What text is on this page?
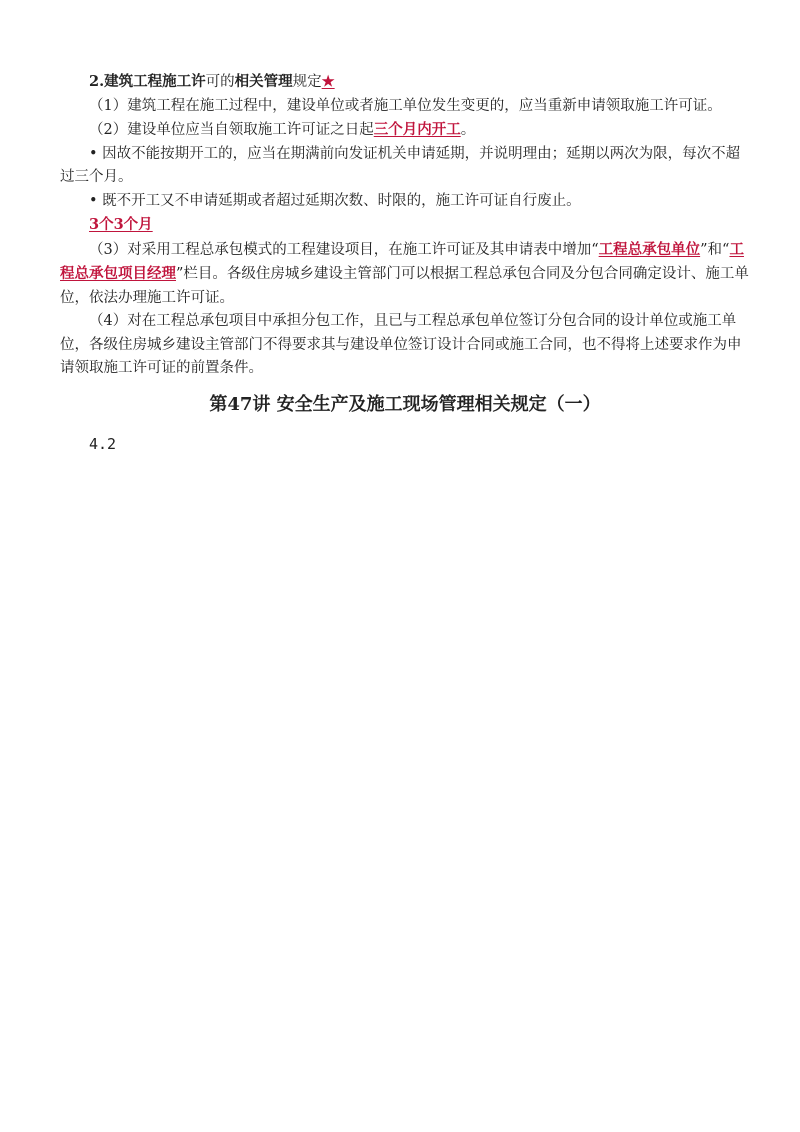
2.建筑工程施工许可的相关管理规定★
（1）建筑工程在施工过程中，建设单位或者施工单位发生变更的，应当重新申请领取施工许可证。
（2）建设单位应当自领取施工许可证之日起三个月内开工。
• 因故不能按期开工的，应当在期满前向发证机关申请延期，并说明理由；延期以两次为限，每次不超过三个月。
• 既不开工又不申请延期或者超过延期次数、时限的，施工许可证自行废止。
3个3个月
（3）对采用工程总承包模式的工程建设项目，在施工许可证及其申请表中增加“工程总承包单位”和“工程总承包项目经理”栏目。各级住房城乡建设主管部门可以根据工程总承包合同及分包合同确定设计、施工单位，依法办理施工许可证。
（4）对在工程总承包项目中承担分包工作，且已与工程总承包单位签订分包合同的设计单位或施工单位，各级住房城乡建设主管部门不得要求其与建设单位签订设计合同或施工合同，也不得将上述要求作为申请领取施工许可证的前置条件。
第47讲 安全生产及施工现场管理相关规定（一）
4.2
